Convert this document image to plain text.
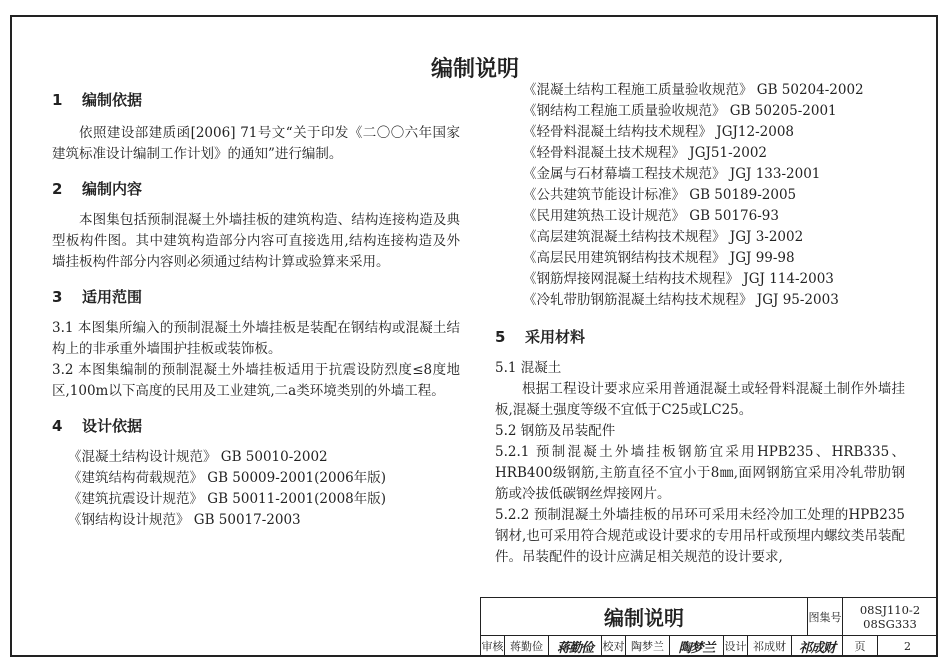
编制说明
1	编制依据
依照建设部建质函[2006] 71号文“关于印发《二〇〇六年国家建筑标准设计编制工作计划》的通知”进行编制。
2	编制内容
本图集包括预制混凝土外墙挂板的建筑构造、结构连接构造及典型板构件图。其中建筑构造部分内容可直接选用,结构连接构造及外墙挂板构件部分内容则必须通过结构计算或验算来采用。
3	适用范围
3.1 本图集所编入的预制混凝土外墙挂板是装配在钢结构或混凝土结构上的非承重外墙围护挂板或装饰板。
3.2 本图集编制的预制混凝土外墙挂板适用于抗震设防烈度≤8度地区,100m以下高度的民用及工业建筑,二a类环境类别的外墙工程。
4	设计依据
《混凝土结构设计规范》 GB 50010-2002
《建筑结构荷载规范》 GB 50009-2001(2006年版)
《建筑抗震设计规范》 GB 50011-2001(2008年版)
《钢结构设计规范》 GB 50017-2003
《混凝土结构工程施工质量验收规范》 GB 50204-2002
《钢结构工程施工质量验收规范》 GB 50205-2001
《轻骨料混凝土结构技术规程》 JGJ12-2008
《轻骨料混凝土技术规程》 JGJ51-2002
《金属与石材幕墙工程技术规范》 JGJ 133-2001
《公共建筑节能设计标准》 GB 50189-2005
《民用建筑热工设计规范》 GB 50176-93
《高层建筑混凝土结构技术规程》 JGJ 3-2002
《高层民用建筑钢结构技术规程》 JGJ 99-98
《钢筋焊接网混凝土结构技术规程》 JGJ 114-2003
《冷轧带肋钢筋混凝土结构技术规程》 JGJ 95-2003
5	采用材料
5.1 混凝土
根据工程设计要求应采用普通混凝土或轻骨料混凝土制作外墙挂板,混凝土强度等级不宜低于C25或LC25。
5.2 钢筋及吊装配件
5.2.1 预制混凝土外墙挂板钢筋宜采用HPB235、HRB335、HRB400级钢筋,主筋直径不宜小于8㎜,面网钢筋宜采用冷轧带肋钢筋或冷拔低碳钢丝焊接网片。
5.2.2 预制混凝土外墙挂板的吊环可采用未经冷加工处理的HPB235钢材,也可采用符合规范或设计要求的专用吊杆或预埋内螺纹类吊装配件。吊装配件的设计应满足相关规范的设计要求,
编制说明	图集号
08SJ110-2
08SG333
审核 蒋勤俭	蒋勤俭 校对 陶梦兰	陶梦兰 设计 祁成财 祁成财	页	2
